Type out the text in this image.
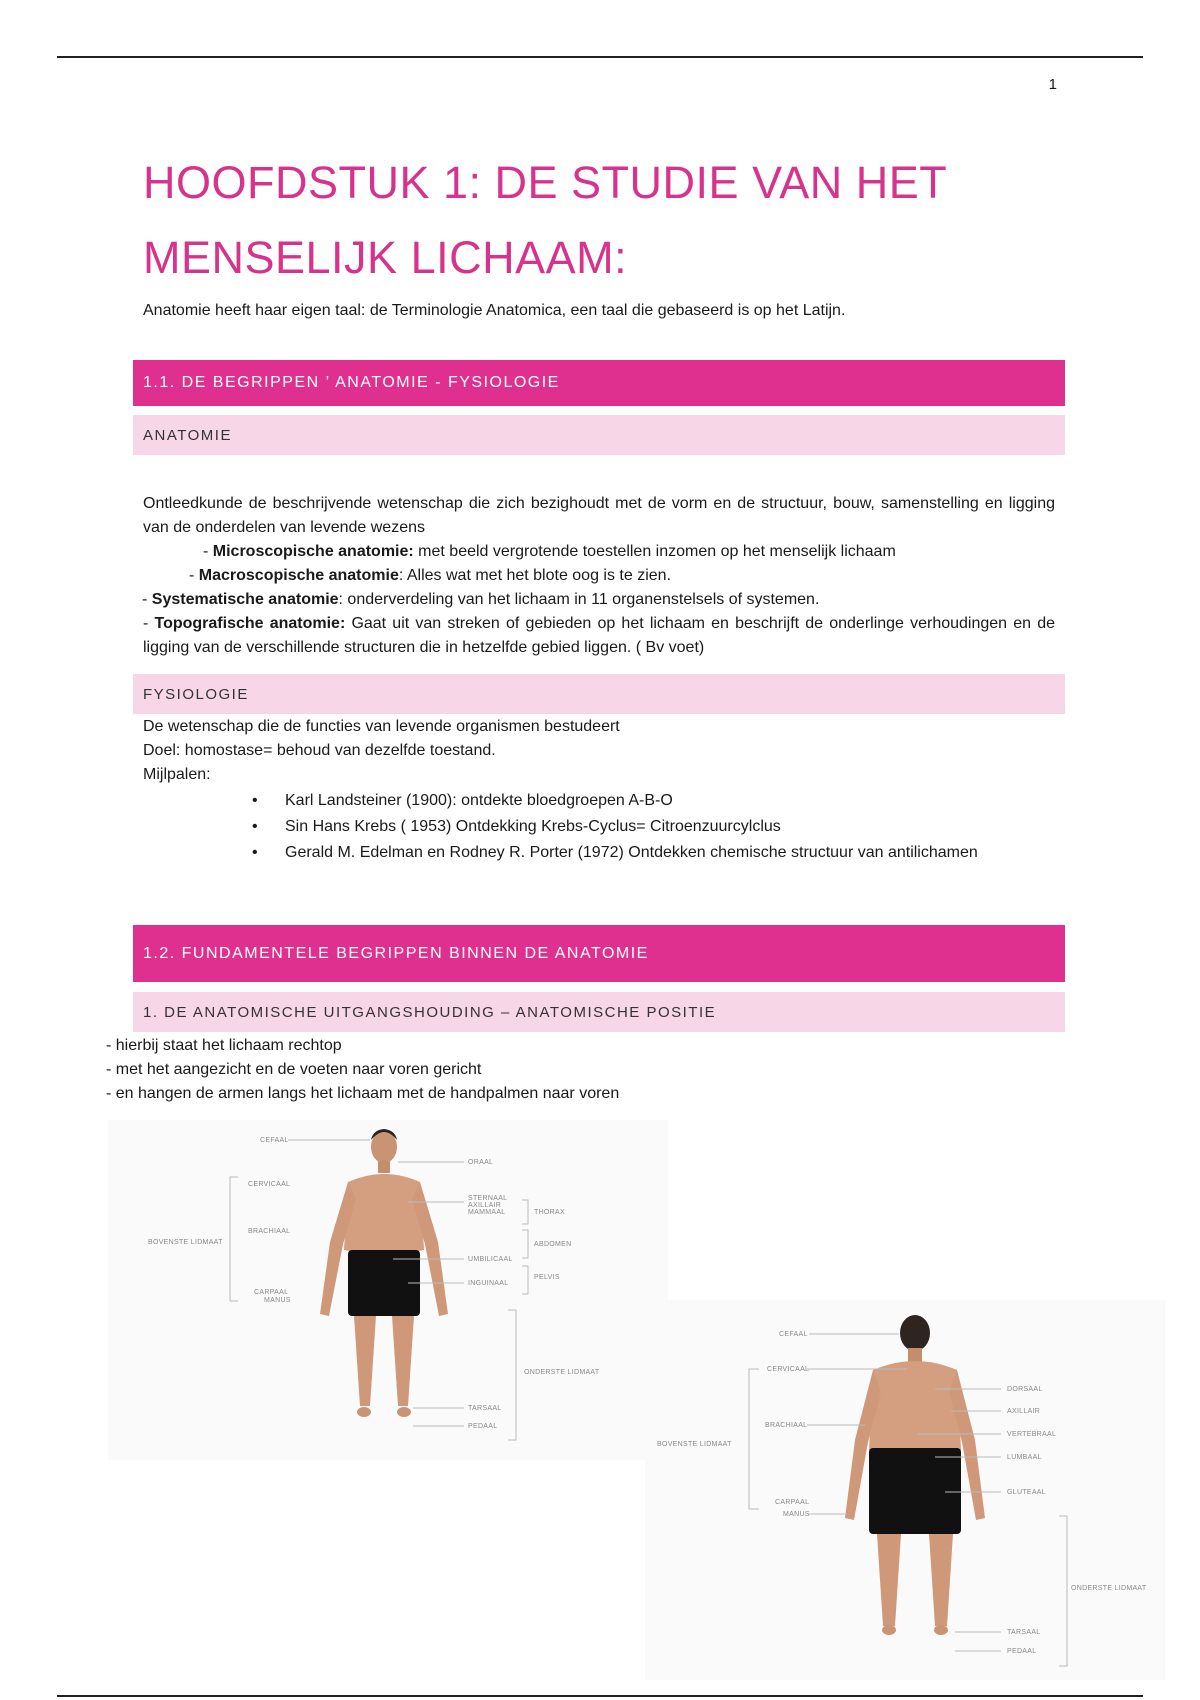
1
HOOFDSTUK 1: DE STUDIE VAN HET
MENSELIJK LICHAAM:
Anatomie heeft haar eigen taal: de Terminologie Anatomica, een taal die gebaseerd is op het Latijn.
1.1. DE BEGRIPPEN ’ ANATOMIE - FYSIOLOGIE
ANATOMIE

Ontleedkunde de beschrijvende wetenschap die zich bezighoudt met de vorm en de structuur, bouw, samenstelling en ligging van de onderdelen van levende wezens

- Microscopische anatomie: met beeld vergrotende toestellen inzomen op het menselijk lichaam

- Macroscopische anatomie: Alles wat met het blote oog is te zien.

- Systematische anatomie: onderverdeling van het lichaam in 11 organenstelsels of systemen.

- Topografische anatomie: Gaat uit van streken of gebieden op het lichaam en beschrijft de onderlinge verhoudingen en de ligging van de verschillende structuren die in hetzelfde gebied liggen. ( Bv voet)

FYSIOLOGIE

De wetenschap die de functies van levende organismen bestudeert

Doel: homostase= behoud van dezelfde toestand.

Mijlpalen:

• Karl Landsteiner (1900): ontdekte bloedgroepen A-B-O
• Sin Hans Krebs ( 1953) Ontdekking Krebs-Cyclus= Citroenzuurcylclus
• Gerald M. Edelman en Rodney R. Porter (1972) Ontdekken chemische structuur van antilichamen
1.2. FUNDAMENTELE BEGRIPPEN BINNEN DE ANATOMIE
1. DE ANATOMISCHE UITGANGSHOUDING – ANATOMISCHE POSITIE

- hierbij staat het lichaam rechtop

- met het aangezicht en de voeten naar voren gericht

- en hangen de armen langs het lichaam met de handpalmen naar voren

CEFAAL
CERVICAAL
BRACHIAAL
BOVENSTE LIDMAAT
CARPAAL
MANUS
ORAAL
STERNAAL
AXILLAIR
MAMMAAL	THORAX
ABDOMEN
UMBILICAAL
INGUINAAL
PELVIS
ONDERSTE LIDMAAT
TARSAAL
PEDAAL
CEFAAL
CERVICAAL
BRACHIAAL
BOVENSTE LIDMAAT
CARPAAL
MANUS
DORSAAL
AXILLAIR
VERTEBRAAL
LUMBAAL
GLUTEAAL
ONDERSTE LIDMAAT
TARSAAL
PEDAAL
